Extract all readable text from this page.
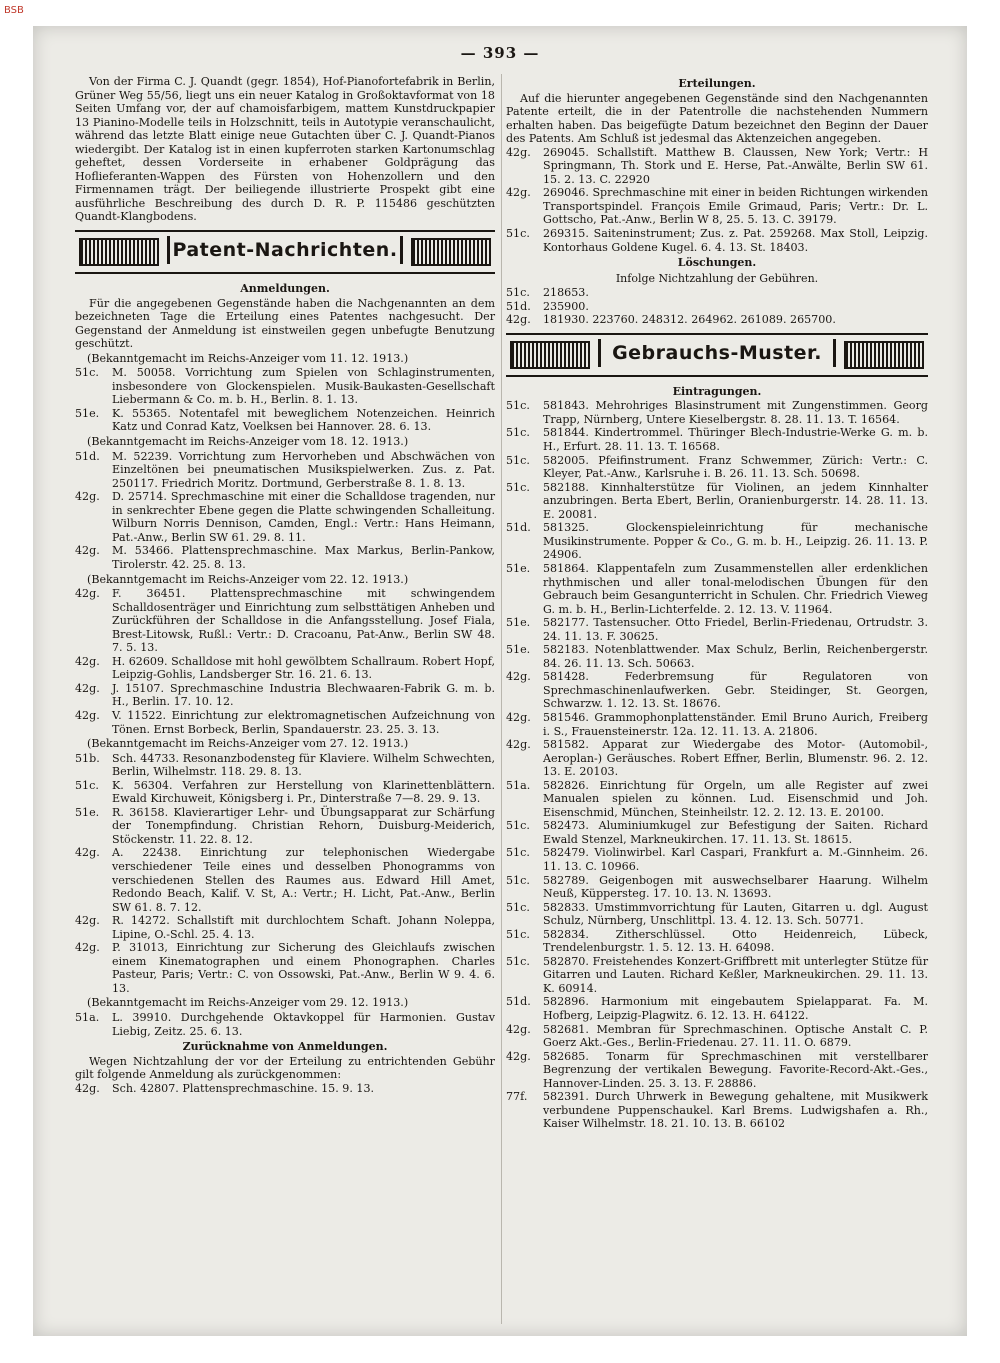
BSB
— 393 —

Von der Firma C. J. Quandt (gegr. 1854), Hof-Pianofortefabrik in Berlin, Grüner Weg 55/56, liegt uns ein neuer Katalog in Großoktavformat von 18 Seiten Umfang vor, der auf chamoisfarbigem, mattem Kunstdruckpapier 13 Pianino-Modelle teils in Holzschnitt, teils in Autotypie veranschaulicht, während das letzte Blatt einige neue Gutachten über C. J. Quandt-Pianos wiedergibt. Der Katalog ist in einen kupferroten starken Kartonumschlag geheftet, dessen Vorderseite in erhabener Goldprägung das Hoflieferanten-Wappen des Fürsten von Hohenzollern und den Firmennamen trägt. Der beiliegende illustrierte Prospekt gibt eine ausführliche Beschreibung des durch D. R. P. 115486 geschützten Quandt-Klangbodens.

Patent-Nachrichten.

Anmeldungen.

Für die angegebenen Gegenstände haben die Nachgenannten an dem bezeichneten Tage die Erteilung eines Patentes nachgesucht. Der Gegenstand der Anmeldung ist einstweilen gegen unbefugte Benutzung geschützt.

(Bekanntgemacht im Reichs-Anzeiger vom 11. 12. 1913.)

51c. M. 50058. Vorrichtung zum Spielen von Schlaginstrumenten, insbesondere von Glockenspielen. Musik-Baukasten-Gesellschaft Liebermann & Co. m. b. H., Berlin. 8. 1. 13.

51e. K. 55365. Notentafel mit beweglichem Notenzeichen. Heinrich Katz und Conrad Katz, Voelksen bei Hannover. 28. 6. 13.

(Bekanntgemacht im Reichs-Anzeiger vom 18. 12. 1913.)

51d. M. 52239. Vorrichtung zum Hervorheben und Abschwächen von Einzeltönen bei pneumatischen Musikspielwerken. Zus. z. Pat. 250117. Friedrich Moritz. Dortmund, Gerberstraße 8. 1. 8. 13.

42g. D. 25714. Sprechmaschine mit einer die Schalldose tragenden, nur in senkrechter Ebene gegen die Platte schwingenden Schalleitung. Wilburn Norris Dennison, Camden, Engl.: Vertr.: Hans Heimann, Pat.-Anw., Berlin SW 61. 29. 8. 11.

42g. M. 53466. Plattensprechmaschine. Max Markus, Berlin-Pankow, Tirolerstr. 42. 25. 8. 13.

(Bekanntgemacht im Reichs-Anzeiger vom 22. 12. 1913.)

42g. F. 36451. Plattensprechmaschine mit schwingendem Schalldosenträger und Einrichtung zum selbsttätigen Anheben und Zurückführen der Schalldose in die Anfangsstellung. Josef Fiala, Brest-Litowsk, Rußl.: Vertr.: D. Cracoanu, Pat-Anw., Berlin SW 48. 7. 5. 13.

42g. H. 62609. Schalldose mit hohl gewölbtem Schallraum. Robert Hopf, Leipzig-Gohlis, Landsberger Str. 16. 21. 6. 13.

42g. J. 15107. Sprechmaschine Industria Blechwaaren-Fabrik G. m. b. H., Berlin. 17. 10. 12.

42g. V. 11522. Einrichtung zur elektromagnetischen Aufzeichnung von Tönen. Ernst Borbeck, Berlin, Spandauerstr. 23. 25. 3. 13.

(Bekanntgemacht im Reichs-Anzeiger vom 27. 12. 1913.)

51b. Sch. 44733. Resonanzbodensteg für Klaviere. Wilhelm Schwechten, Berlin, Wilhelmstr. 118. 29. 8. 13.

51c. K. 56304. Verfahren zur Herstellung von Klarinettenblättern. Ewald Kirchuweit, Königsberg i. Pr., Dinterstraße 7—8. 29. 9. 13.

51e. R. 36158. Klavierartiger Lehr- und Übungsapparat zur Schärfung der Tonempfindung. Christian Rehorn, Duisburg-Meiderich, Stöckenstr. 11. 22. 8. 12.

42g. A. 22438. Einrichtung zur telephonischen Wiedergabe verschiedener Teile eines und desselben Phonogramms von verschiedenen Stellen des Raumes aus. Edward Hill Amet, Redondo Beach, Kalif. V. St, A.: Vertr.; H. Licht, Pat.-Anw., Berlin SW 61. 8. 7. 12.

42g. R. 14272. Schallstift mit durchlochtem Schaft. Johann Noleppa, Lipine, O.-Schl. 25. 4. 13.

42g. P. 31013, Einrichtung zur Sicherung des Gleichlaufs zwischen einem Kinematographen und einem Phonographen. Charles Pasteur, Paris; Vertr.: C. von Ossowski, Pat.-Anw., Berlin W 9. 4. 6. 13.

(Bekanntgemacht im Reichs-Anzeiger vom 29. 12. 1913.)

51a. L. 39910. Durchgehende Oktavkoppel für Harmonien. Gustav Liebig, Zeitz. 25. 6. 13.

Zurücknahme von Anmeldungen.

Wegen Nichtzahlung der vor der Erteilung zu entrichtenden Gebühr gilt folgende Anmeldung als zurückgenommen:

42g. Sch. 42807. Plattensprechmaschine. 15. 9. 13.

Erteilungen.

Auf die hierunter angegebenen Gegenstände sind den Nachgenannten Patente erteilt, die in der Patentrolle die nachstehenden Nummern erhalten haben. Das beigefügte Datum bezeichnet den Beginn der Dauer des Patents. Am Schluß ist jedesmal das Aktenzeichen angegeben.

42g. 269045. Schallstift. Matthew B. Claussen, New York; Vertr.: H Springmann, Th. Stork und E. Herse, Pat.-Anwälte, Berlin SW 61. 15. 2. 13. C. 22920

42g. 269046. Sprechmaschine mit einer in beiden Richtungen wirkenden Transportspindel. François Emile Grimaud, Paris; Vertr.: Dr. L. Gottscho, Pat.-Anw., Berlin W 8, 25. 5. 13. C. 39179.

51c. 269315. Saiteninstrument; Zus. z. Pat. 259268. Max Stoll, Leipzig. Kontorhaus Goldene Kugel. 6. 4. 13. St. 18403.

Löschungen.

Infolge Nichtzahlung der Gebühren.

51c. 218653.

51d. 235900.

42g. 181930. 223760. 248312. 264962. 261089. 265700.

Gebrauchs-Muster.

Eintragungen.

51c. 581843. Mehrohriges Blasinstrument mit Zungenstimmen. Georg Trapp, Nürnberg, Untere Kieselbergstr. 8. 28. 11. 13. T. 16564.

51c. 581844. Kindertrommel. Thüringer Blech-Industrie-Werke G. m. b. H., Erfurt. 28. 11. 13. T. 16568.

51c. 582005. Pfeifinstrument. Franz Schwemmer, Zürich: Vertr.: C. Kleyer, Pat.-Anw., Karlsruhe i. B. 26. 11. 13. Sch. 50698.

51c. 582188. Kinnhalterstütze für Violinen, an jedem Kinnhalter anzubringen. Berta Ebert, Berlin, Oranienburgerstr. 14. 28. 11. 13. E. 20081.

51d. 581325. Glockenspieleinrichtung für mechanische Musikinstrumente. Popper & Co., G. m. b. H., Leipzig. 26. 11. 13. P. 24906.

51e. 581864. Klappentafeln zum Zusammenstellen aller erdenklichen rhythmischen und aller tonal-melodischen Übungen für den Gebrauch beim Gesangunterricht in Schulen. Chr. Friedrich Vieweg G. m. b. H., Berlin-Lichterfelde. 2. 12. 13. V. 11964.

51e. 582177. Tastensucher. Otto Friedel, Berlin-Friedenau, Ortrudstr. 3. 24. 11. 13. F. 30625.

51e. 582183. Notenblattwender. Max Schulz, Berlin, Reichenbergerstr. 84. 26. 11. 13. Sch. 50663.

42g. 581428. Federbremsung für Regulatoren von Sprechmaschinenlaufwerken. Gebr. Steidinger, St. Georgen, Schwarzw. 1. 12. 13. St. 18676.

42g. 581546. Grammophonplattenständer. Emil Bruno Aurich, Freiberg i. S., Frauensteinerstr. 12a. 12. 11. 13. A. 21806.

42g. 581582. Apparat zur Wiedergabe des Motor- (Automobil-, Aeroplan-) Geräusches. Robert Effner, Berlin, Blumenstr. 96. 2. 12. 13. E. 20103.

51a. 582826. Einrichtung für Orgeln, um alle Register auf zwei Manualen spielen zu können. Lud. Eisenschmid und Joh. Eisenschmid, München, Steinheilstr. 12. 2. 12. 13. E. 20100.

51c. 582473. Aluminiumkugel zur Befestigung der Saiten. Richard Ewald Stenzel, Markneukirchen. 17. 11. 13. St. 18615.

51c. 582479. Violinwirbel. Karl Caspari, Frankfurt a. M.-Ginnheim. 26. 11. 13. C. 10966.

51c. 582789. Geigenbogen mit auswechselbarer Haarung. Wilhelm Neuß, Küppersteg. 17. 10. 13. N. 13693.

51c. 582833. Umstimmvorrichtung für Lauten, Gitarren u. dgl. August Schulz, Nürnberg, Unschlittpl. 13. 4. 12. 13. Sch. 50771.

51c. 582834. Zitherschlüssel. Otto Heidenreich, Lübeck, Trendelenburgstr. 1. 5. 12. 13. H. 64098.

51c. 582870. Freistehendes Konzert-Griffbrett mit unterlegter Stütze für Gitarren und Lauten. Richard Keßler, Markneukirchen. 29. 11. 13. K. 60914.

51d. 582896. Harmonium mit eingebautem Spielapparat. Fa. M. Hofberg, Leipzig-Plagwitz. 6. 12. 13. H. 64122.

42g. 582681. Membran für Sprechmaschinen. Optische Anstalt C. P. Goerz Akt.-Ges., Berlin-Friedenau. 27. 11. 11. O. 6879.

42g. 582685. Tonarm für Sprechmaschinen mit verstellbarer Begrenzung der vertikalen Bewegung. Favorite-Record-Akt.-Ges., Hannover-Linden. 25. 3. 13. F. 28886.

77f. 582391. Durch Uhrwerk in Bewegung gehaltene, mit Musikwerk verbundene Puppenschaukel. Karl Brems. Ludwigshafen a. Rh., Kaiser Wilhelmstr. 18. 21. 10. 13. B. 66102
